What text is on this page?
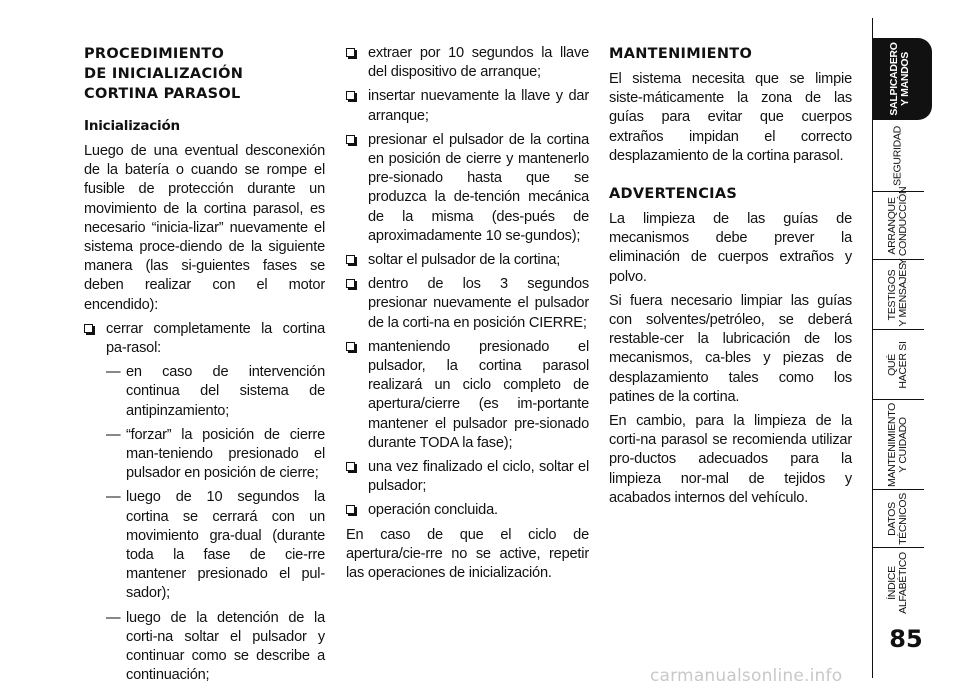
PROCEDIMIENTO
DE INICIALIZACIÓN
CORTINA PARASOL
Inicialización

Luego de una eventual desconexión de la batería o cuando se rompe el fusible de protección durante un movimiento de la cortina parasol, es necesario “inicia-lizar” nuevamente el sistema proce-diendo de la siguiente manera (las si-guientes fases se deben realizar con el motor encendido):

cerrar completamente la cortina pa-rasol:
— en caso de intervención continua del sistema de antipinzamiento;
— “forzar” la posición de cierre man-teniendo presionado el pulsador en posición de cierre;
— luego de 10 segundos la cortina se cerrará con un movimiento gra-dual (durante toda la fase de cie-rre mantener presionado el pul-sador);
— luego de la detención de la corti-na soltar el pulsador y continuar como se describe a continuación;
extraer por 10 segundos la llave del dispositivo de arranque;
insertar nuevamente la llave y dar arranque;
presionar el pulsador de la cortina en posición de cierre y mantenerlo pre-sionado hasta que se produzca la de-tención mecánica de la misma (des-pués de aproximadamente 10 se-gundos);
soltar el pulsador de la cortina;
dentro de los 3 segundos presionar nuevamente el pulsador de la corti-na en posición CIERRE;
manteniendo presionado el pulsador, la cortina parasol realizará un ciclo completo de apertura/cierre (es im-portante mantener el pulsador pre-sionado durante TODA la fase);
una vez finalizado el ciclo, soltar el pulsador;
operación concluida.

En caso de que el ciclo de apertura/cie-rre no se active, repetir las operaciones de inicialización.

MANTENIMIENTO

El sistema necesita que se limpie siste-máticamente la zona de las guías para evitar que cuerpos extraños impidan el correcto desplazamiento de la cortina parasol.

ADVERTENCIAS

La limpieza de las guías de mecanismos debe prever la eliminación de cuerpos extraños y polvo.

Si fuera necesario limpiar las guías con solventes/petróleo, se deberá restable-cer la lubricación de los mecanismos, ca-bles y piezas de desplazamiento tales como los patines de la cortina.

En cambio, para la limpieza de la corti-na parasol se recomienda utilizar pro-ductos adecuados para la limpieza nor-mal de tejidos y acabados internos del vehículo.

SALPICADERO
Y MANDOS
SEGURIDAD
ARRANQUE
Y CONDUCCIÓN
TESTIGOS
Y MENSAJES
QUÉ
HACER SI
MANTENIMIENTO
Y CUIDADO
DATOS
TÉCNICOS
ÍNDICE
ALFABÉTICO
85
carmanualsonline.info
